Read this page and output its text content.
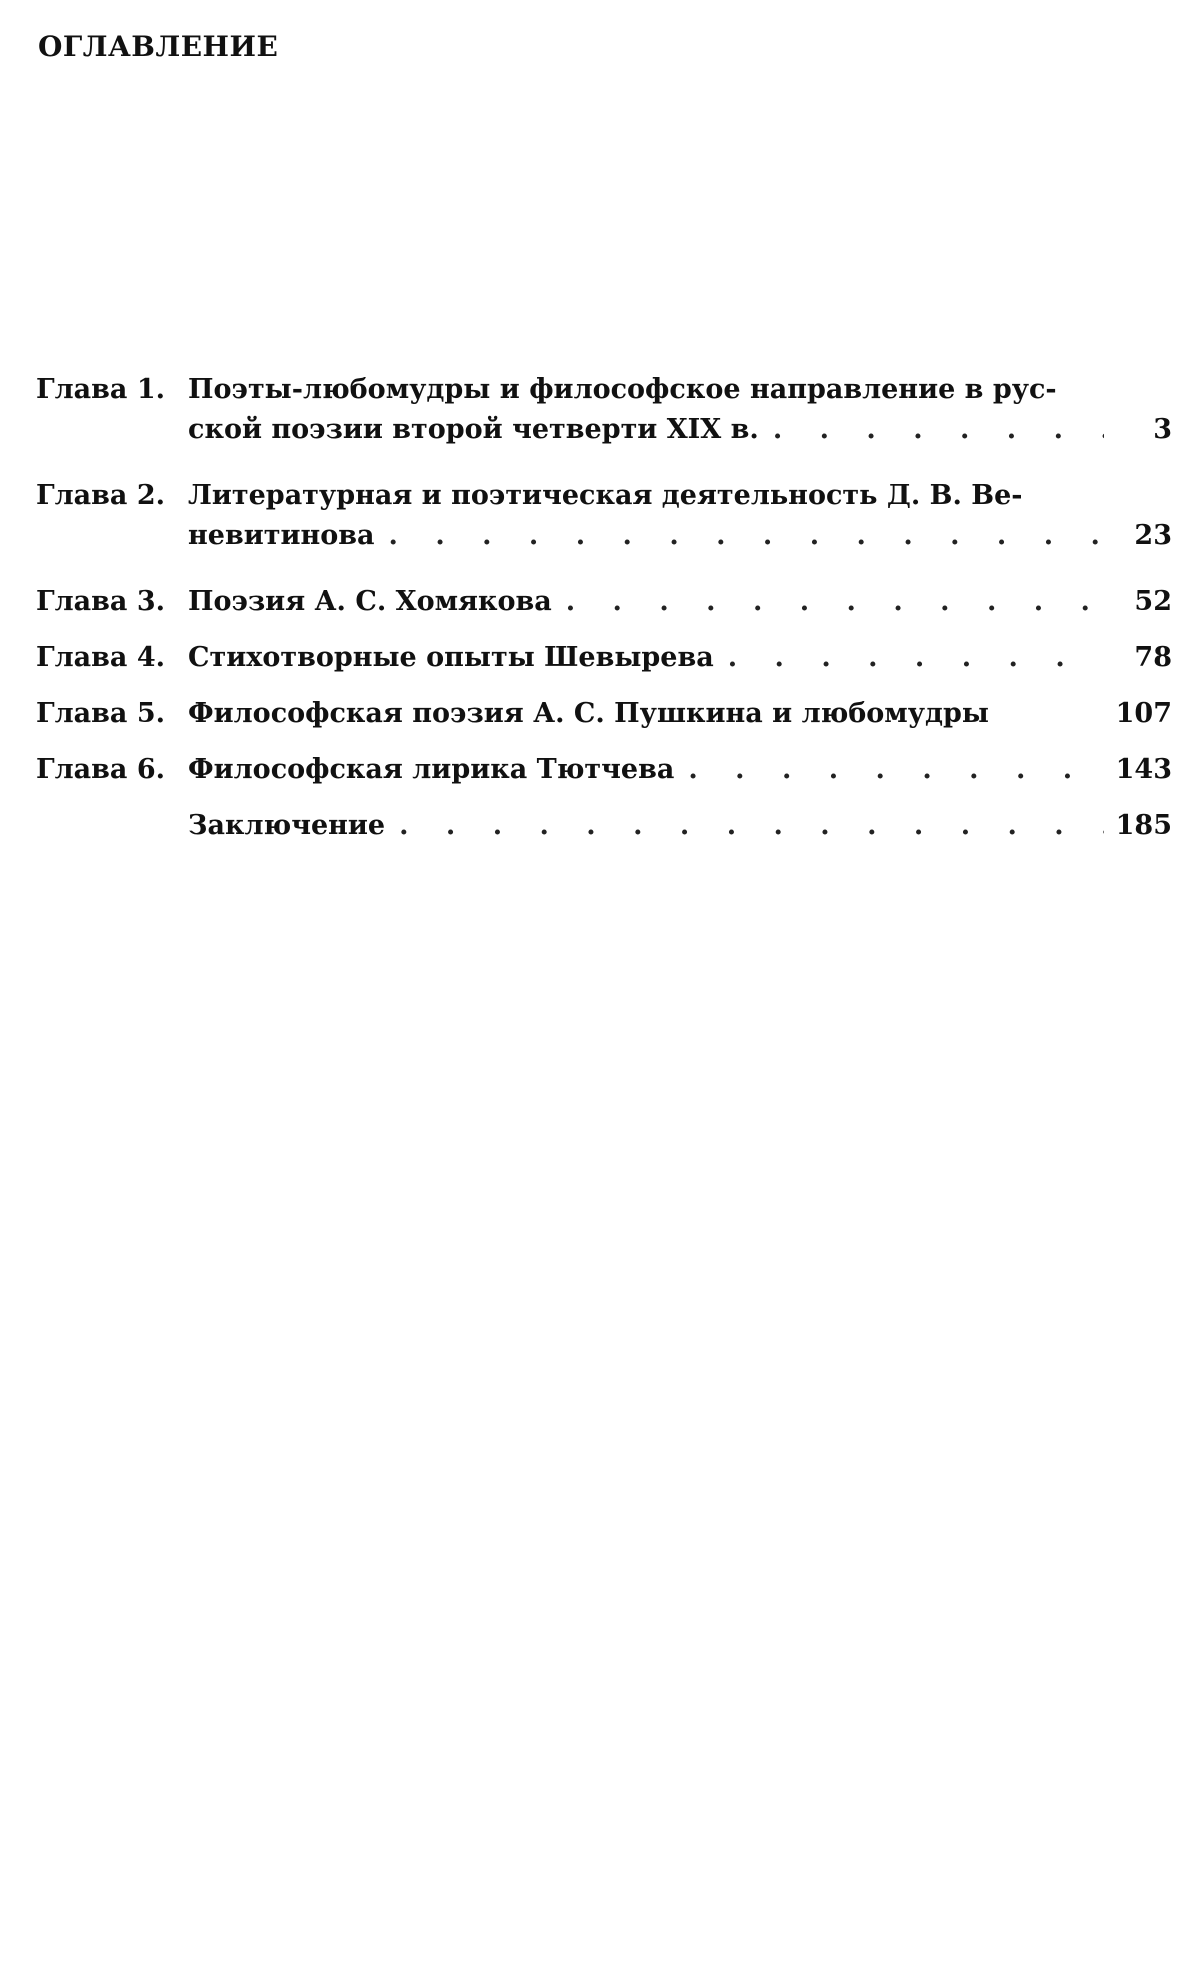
ОГЛАВЛЕНИЕ
Глава 1. Поэты-любомудры и философское направление в рус-
ской поэзии второй четверти XIX в. . . .	3
Глава 2. Литературная и поэтическая деятельность Д. В. Ве-
невитинова . . .	23
Глава 3. Поэзия А. С. Хомякова . . .	52
Глава 4. Стихотворные опыты Шевырева . . .	78
Глава 5. Философская поэзия А. С. Пушкина и любомудры	107
Глава 6. Философская лирика Тютчева . . .	143
Заключение . . .	185
